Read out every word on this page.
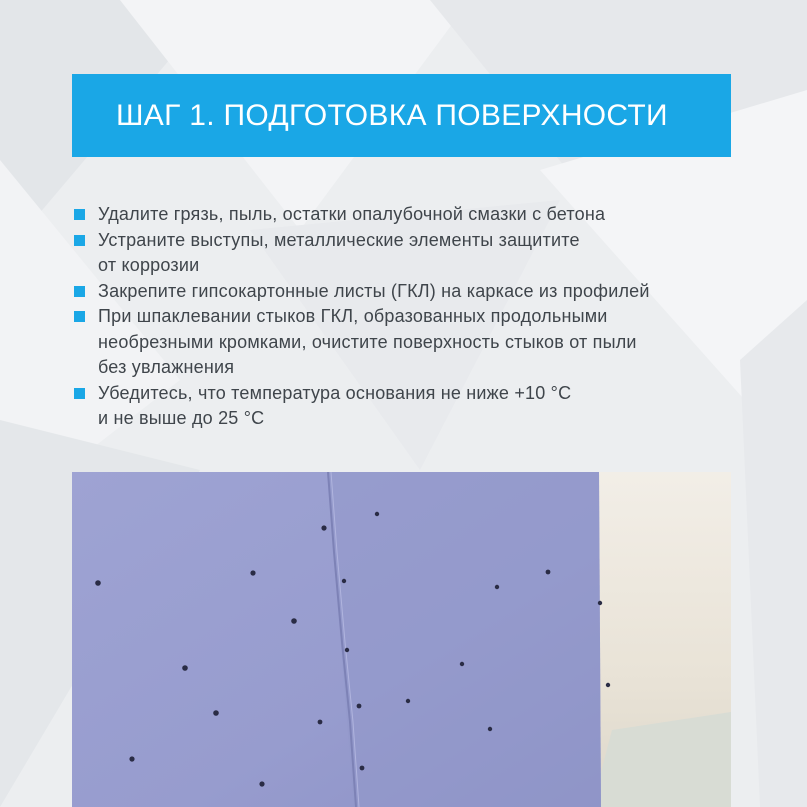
ШАГ 1. ПОДГОТОВКА ПОВЕРХНОСТИ
Удалите грязь, пыль, остатки опалубочной смазки с бетона
Устраните выступы, металлические элементы защитите
от коррозии
Закрепите гипсокартонные листы (ГКЛ) на каркасе из профилей
При шпаклевании стыков ГКЛ, образованных продольными
необрезными кромками, очистите поверхность стыков от пыли
без увлажнения
Убедитесь, что температура основания не ниже +10 °C
и не выше до 25 °C
